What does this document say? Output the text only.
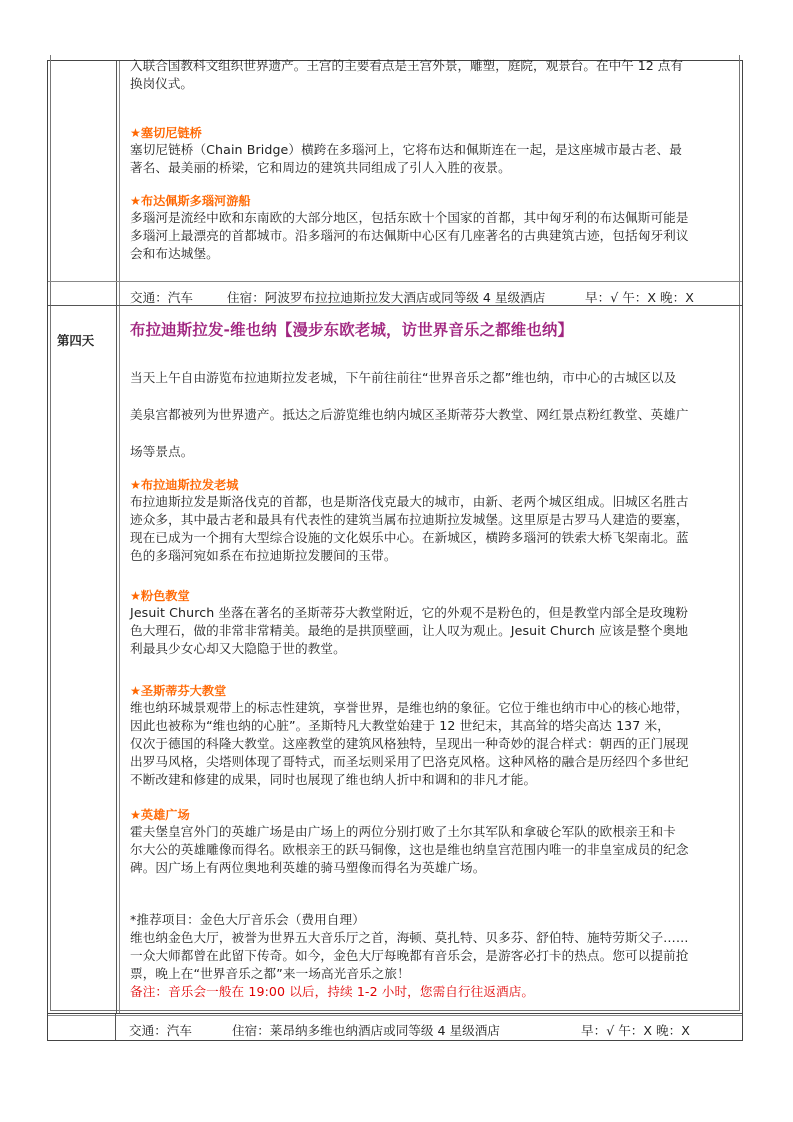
入联合国教科文组织世界遗产。王宫的主要看点是王宫外景，雕塑，庭院，观景台。在中午 12 点有
换岗仪式。
★塞切尼链桥
塞切尼链桥（Chain Bridge）横跨在多瑙河上，它将布达和佩斯连在一起，是这座城市最古老、最
著名、最美丽的桥梁，它和周边的建筑共同组成了引人入胜的夜景。
★布达佩斯多瑙河游船
多瑙河是流经中欧和东南欧的大部分地区，包括东欧十个国家的首都，其中匈牙利的布达佩斯可能是
多瑙河上最漂亮的首都城市。沿多瑙河的布达佩斯中心区有几座著名的古典建筑古迹，包括匈牙利议
会和布达城堡。
交通：汽车	住宿：阿波罗布拉拉迪斯拉发大酒店或同等级 4 星级酒店	早：√ 午：X 晚：X
第四天
布拉迪斯拉发-维也纳【漫步东欧老城，访世界音乐之都维也纳】
当天上午自由游览布拉迪斯拉发老城，下午前往前往“世界音乐之都”维也纳，市中心的古城区以及
美泉宫都被列为世界遗产。抵达之后游览维也纳内城区圣斯蒂芬大教堂、网红景点粉红教堂、英雄广
场等景点。
★布拉迪斯拉发老城
布拉迪斯拉发是斯洛伐克的首都，也是斯洛伐克最大的城市，由新、老两个城区组成。旧城区名胜古
迹众多，其中最古老和最具有代表性的建筑当属布拉迪斯拉发城堡。这里原是古罗马人建造的要塞，
现在已成为一个拥有大型综合设施的文化娱乐中心。在新城区，横跨多瑙河的铁索大桥飞架南北。蓝
色的多瑙河宛如系在布拉迪斯拉发腰间的玉带。
★粉色教堂
Jesuit Church 坐落在著名的圣斯蒂芬大教堂附近，它的外观不是粉色的，但是教堂内部全是玫瑰粉
色大理石，做的非常非常精美。最绝的是拱顶壁画，让人叹为观止。Jesuit Church 应该是整个奥地
利最具少女心却又大隐隐于世的教堂。
★圣斯蒂芬大教堂
维也纳环城景观带上的标志性建筑，享誉世界，是维也纳的象征。它位于维也纳市中心的核心地带，
因此也被称为“维也纳的心脏”。圣斯特凡大教堂始建于 12 世纪末，其高耸的塔尖高达 137 米，
仅次于德国的科隆大教堂。这座教堂的建筑风格独特，呈现出一种奇妙的混合样式：朝西的正门展现
出罗马风格，尖塔则体现了哥特式，而圣坛则采用了巴洛克风格。这种风格的融合是历经四个多世纪
不断改建和修建的成果，同时也展现了维也纳人折中和调和的非凡才能。
★英雄广场
霍夫堡皇宫外门的英雄广场是由广场上的两位分别打败了土尔其军队和拿破仑军队的欧根亲王和卡
尔大公的英雄雕像而得名。欧根亲王的跃马铜像，这也是维也纳皇宫范围内唯一的非皇室成员的纪念
碑。因广场上有两位奥地利英雄的骑马塑像而得名为英雄广场。
*推荐项目：金色大厅音乐会（费用自理）
维也纳金色大厅，被誉为世界五大音乐厅之首，海顿、莫扎特、贝多芬、舒伯特、施特劳斯父子……
一众大师都曾在此留下传奇。如今，金色大厅每晚都有音乐会，是游客必打卡的热点。您可以提前抢
票，晚上在“世界音乐之都”来一场高光音乐之旅！
备注：音乐会一般在 19:00 以后，持续 1-2 小时，您需自行往返酒店。
交通：汽车	住宿：莱昂纳多维也纳酒店或同等级 4 星级酒店	早：√ 午：X 晚：X
